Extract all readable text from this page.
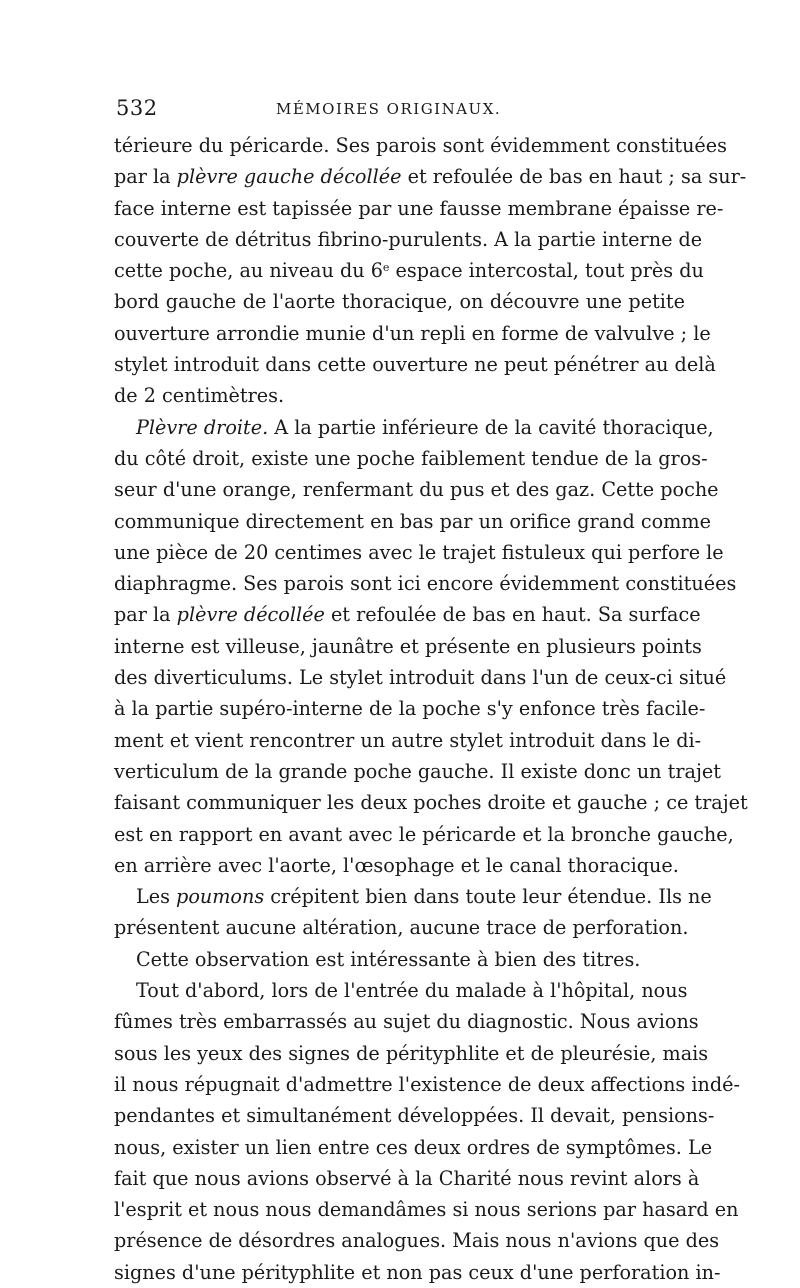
532	MÉMOIRES ORIGINAUX.
térieure du péricarde. Ses parois sont évidemment constituées
par la plèvre gauche décollée et refoulée de bas en haut ; sa sur-
face interne est tapissée par une fausse membrane épaisse re-
couverte de détritus fibrino-purulents. A la partie interne de
cette poche, au niveau du 6e espace intercostal, tout près du
bord gauche de l'aorte thoracique, on découvre une petite
ouverture arrondie munie d'un repli en forme de valvulve ; le
stylet introduit dans cette ouverture ne peut pénétrer au delà
de 2 centimètres.
Plèvre droite. A la partie inférieure de la cavité thoracique,
du côté droit, existe une poche faiblement tendue de la gros-
seur d'une orange, renfermant du pus et des gaz. Cette poche
communique directement en bas par un orifice grand comme
une pièce de 20 centimes avec le trajet fistuleux qui perfore le
diaphragme. Ses parois sont ici encore évidemment constituées
par la plèvre décollée et refoulée de bas en haut. Sa surface
interne est villeuse, jaunâtre et présente en plusieurs points
des diverticulums. Le stylet introduit dans l'un de ceux-ci situé
à la partie supéro-interne de la poche s'y enfonce très facile-
ment et vient rencontrer un autre stylet introduit dans le di-
verticulum de la grande poche gauche. Il existe donc un trajet
faisant communiquer les deux poches droite et gauche ; ce trajet
est en rapport en avant avec le péricarde et la bronche gauche,
en arrière avec l'aorte, l'œsophage et le canal thoracique.
Les poumons crépitent bien dans toute leur étendue. Ils ne
présentent aucune altération, aucune trace de perforation.
Cette observation est intéressante à bien des titres.
Tout d'abord, lors de l'entrée du malade à l'hôpital, nous
fûmes très embarrassés au sujet du diagnostic. Nous avions
sous les yeux des signes de pérityphlite et de pleurésie, mais
il nous répugnait d'admettre l'existence de deux affections indé-
pendantes et simultanément développées. Il devait, pensions-
nous, exister un lien entre ces deux ordres de symptômes. Le
fait que nous avions observé à la Charité nous revint alors à
l'esprit et nous nous demandâmes si nous serions par hasard en
présence de désordres analogues. Mais nous n'avions que des
signes d'une pérityphlite et non pas ceux d'une perforation in-
